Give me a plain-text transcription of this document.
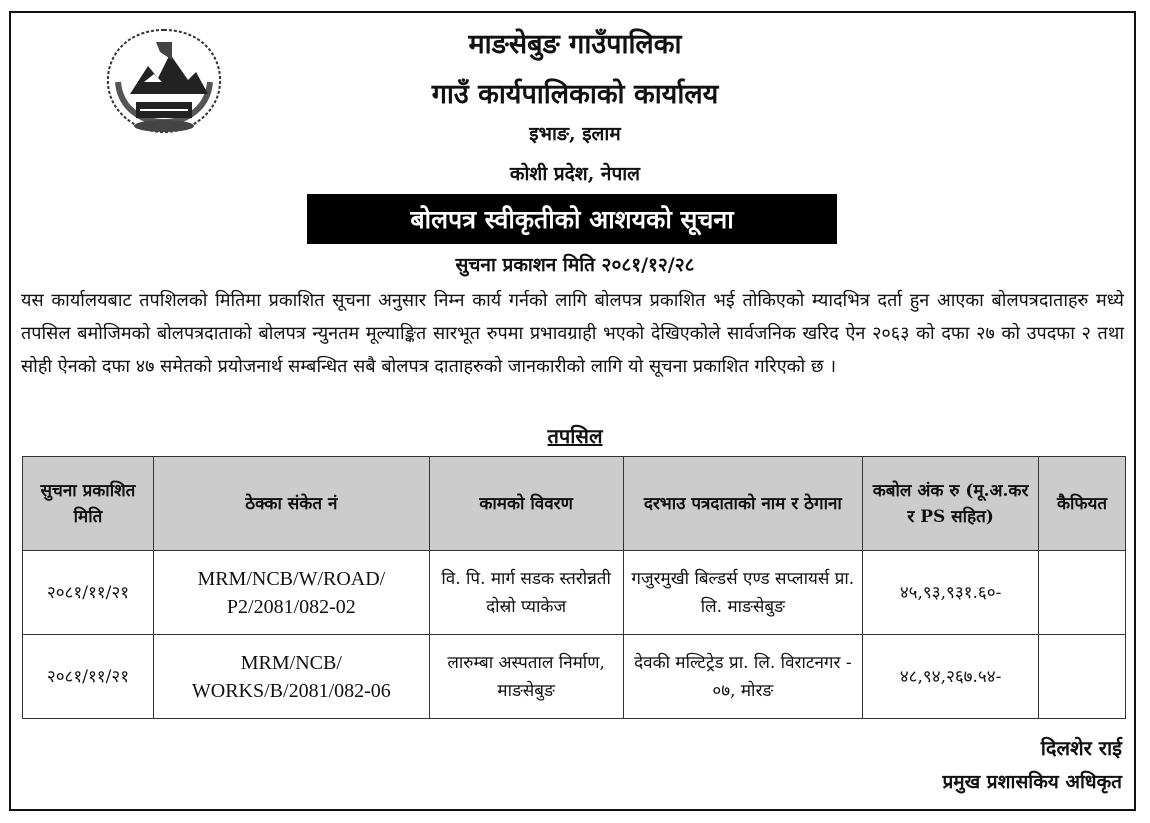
माङसेबुङ गाउँपालिका
गाउँ कार्यपालिकाको कार्यालय
इभाङ, इलाम
कोशी प्रदेश, नेपाल
बोलपत्र स्वीकृतीको आशयको सूचना
सुचना प्रकाशन मिति २०८१/१२/२८
यस कार्यालयबाट तपशिलको मितिमा प्रकाशित सूचना अनुसार निम्न कार्य गर्नको लागि बोलपत्र प्रकाशित भई तोकिएको म्यादभित्र दर्ता हुन आएका बोलपत्रदाताहरु मध्ये तपसिल बमोजिमको बोलपत्रदाताको बोलपत्र न्युनतम मूल्याङ्कित सारभूत रुपमा प्रभावग्राही भएको देखिएकोले सार्वजनिक खरिद ऐन २०६३ को दफा २७ को उपदफा २ तथा सोही ऐनको दफा ४७ समेतको प्रयोजनार्थ सम्बन्धित सबै बोलपत्र दाताहरुको जानकारीको लागि यो सूचना प्रकाशित गरिएको छ ।
तपसिल
सुचना प्रकाशित मिति	ठेक्का संकेत नं	कामको विवरण	दरभाउ पत्रदाताको नाम र ठेगाना	कबोल अंक रु (मू.अ.कर र PS सहित)	कैफियत
२०८१/११/२१	MRM/NCB/W/ROAD/ P2/2081/082-02	वि. पि. मार्ग सडक स्तरोन्नती दोस्रो प्याकेज	गजुरमुखी बिल्डर्स एण्ड सप्लायर्स प्रा. लि. माङसेबुङ	४५,९३,९३१.६०-	
२०८१/११/२१	MRM/NCB/ WORKS/B/2081/082-06	लारुम्बा अस्पताल निर्माण, माङसेबुङ	देवकी मल्टिट्रेड प्रा. लि. विराटनगर - ०७, मोरङ	४८,९४,२६७.५४-	
दिलशेर राई
प्रमुख प्रशासकिय अधिकृत
